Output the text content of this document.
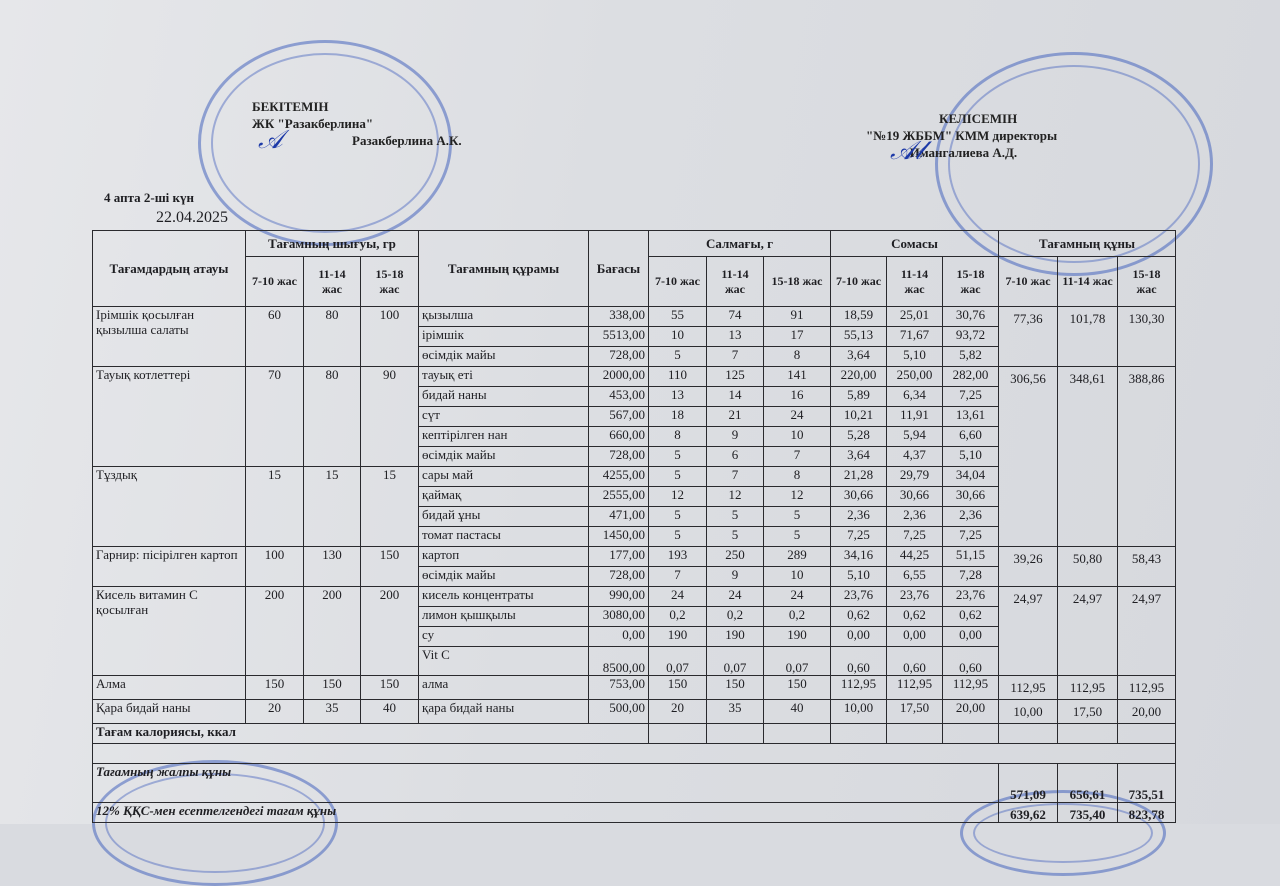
БЕКІТЕМІН
ЖК "Разакберлина"
Разакберлина А.К.
𝒜
КЕЛІСЕМІН
"№19 ЖББМ" КММ директоры
Имангалиева А.Д.
𝒜𝓁
4 апта 2-ші күн
22.04.2025
Тағамдардың атауы	Тағамның шығуы, гр			Тағамның құрамы	Бағасы	Салмағы, г			Сомасы			Тағамның құны		
	7-10 жас	11-14 жас	15-18 жас			7-10 жас	11-14 жас	15-18 жас	7-10 жас	11-14 жас	15-18 жас	7-10 жас	11-14 жас	15-18 жас
Ірімшік қосылған қызылша салаты	60	80	100	қызылша	338,00	55	74	91	18,59	25,01	30,76	77,36	101,78	130,30
				ірімшік	5513,00	10	13	17	55,13	71,67	93,72			
				өсімдік майы	728,00	5	7	8	3,64	5,10	5,82			
Тауық котлеттері	70	80	90	тауық еті	2000,00	110	125	141	220,00	250,00	282,00	306,56	348,61	388,86
				бидай наны	453,00	13	14	16	5,89	6,34	7,25			
				сүт	567,00	18	21	24	10,21	11,91	13,61			
				кептірілген нан	660,00	8	9	10	5,28	5,94	6,60			
				өсімдік майы	728,00	5	6	7	3,64	4,37	5,10			
Тұздық	15	15	15	сары май	4255,00	5	7	8	21,28	29,79	34,04			
				қаймақ	2555,00	12	12	12	30,66	30,66	30,66			
				бидай ұны	471,00	5	5	5	2,36	2,36	2,36			
				томат пастасы	1450,00	5	5	5	7,25	7,25	7,25			
Гарнир: пісірілген картоп	100	130	150	картоп	177,00	193	250	289	34,16	44,25	51,15	39,26	50,80	58,43
				өсімдік майы	728,00	7	9	10	5,10	6,55	7,28			
Кисель витамин С қосылған	200	200	200	кисель концентраты	990,00	24	24	24	23,76	23,76	23,76	24,97	24,97	24,97
				лимон қышқылы	3080,00	0,2	0,2	0,2	0,62	0,62	0,62			
				су	0,00	190	190	190	0,00	0,00	0,00			
				Vit C	8500,00	0,07	0,07	0,07	0,60	0,60	0,60			
Алма	150	150	150	алма	753,00	150	150	150	112,95	112,95	112,95	112,95	112,95	112,95
Қара бидай наны	20	35	40	қара бидай наны	500,00	20	35	40	10,00	17,50	20,00	10,00	17,50	20,00
Тағам калориясы, ккал														

Тағамның жалпы құны												571,09	656,61	735,51
12% ҚҚС-мен есептелгендегі тағам құны												639,62	735,40	823,78
